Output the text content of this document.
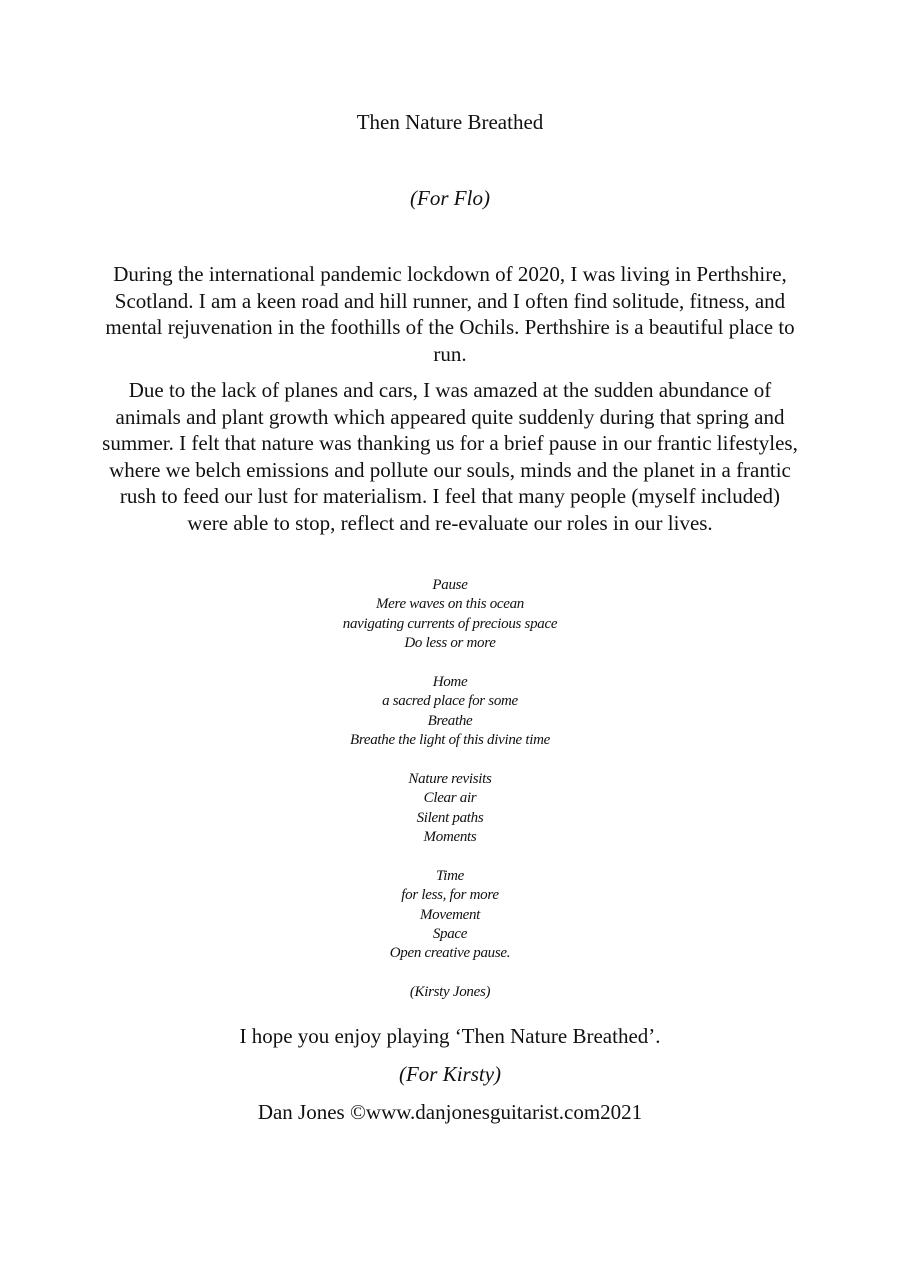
Then Nature Breathed
(For Flo)

During the international pandemic lockdown of 2020, I was living in Perthshire, Scotland. I am a keen road and hill runner, and I often find solitude, fitness, and mental rejuvenation in the foothills of the Ochils. Perthshire is a beautiful place to run.

Due to the lack of planes and cars, I was amazed at the sudden abundance of animals and plant growth which appeared quite suddenly during that spring and summer. I felt that nature was thanking us for a brief pause in our frantic lifestyles, where we belch emissions and pollute our souls, minds and the planet in a frantic rush to feed our lust for materialism. I feel that many people (myself included) were able to stop, reflect and re-evaluate our roles in our lives.

Pause
Mere waves on this ocean
navigating currents of precious space
Do less or more
Home
a sacred place for some
Breathe
Breathe the light of this divine time
Nature revisits
Clear air
Silent paths
Moments
Time
for less, for more
Movement
Space
Open creative pause.
(Kirsty Jones)
I hope you enjoy playing ‘Then Nature Breathed’.
(For Kirsty)
Dan Jones ©www.danjonesguitarist.com2021
